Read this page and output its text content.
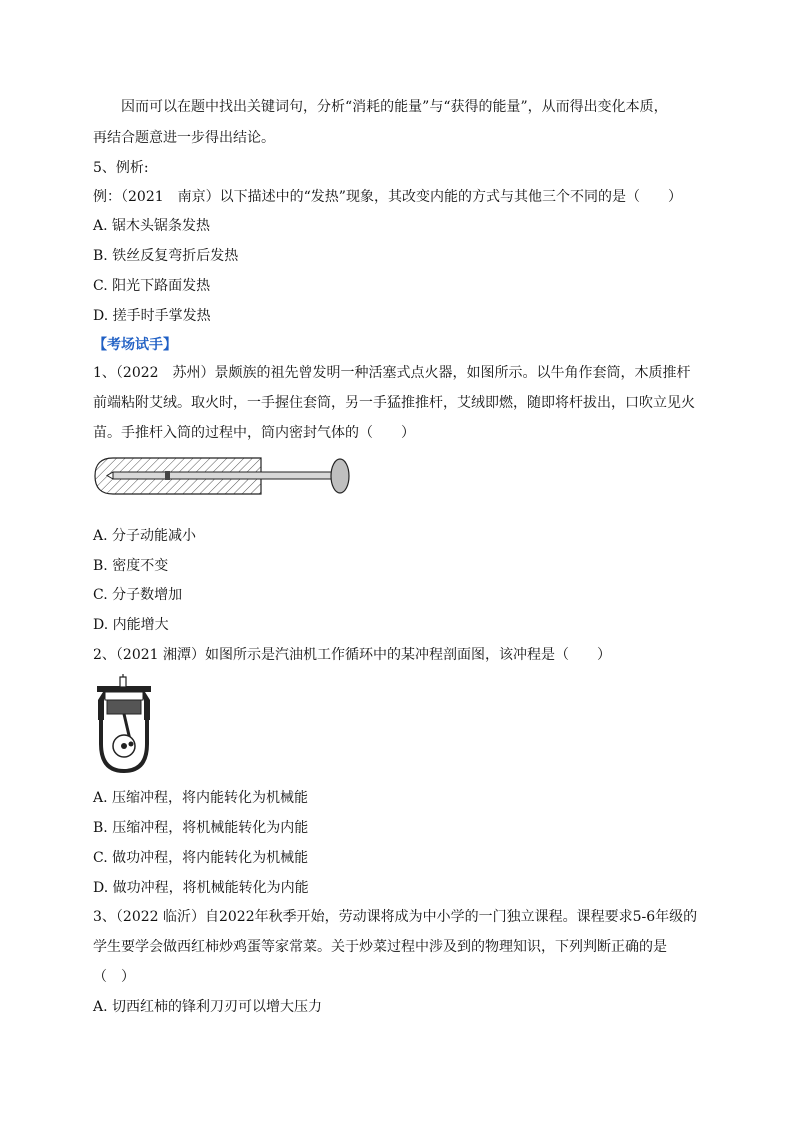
因而可以在题中找出关键词句，分析“消耗的能量”与“获得的能量”，从而得出变化本质，
再结合题意进一步得出结论。
5、例析:
例：（2021　南京）以下描述中的“发热”现象，其改变内能的方式与其他三个不同的是（　　）
A. 锯木头锯条发热
B. 铁丝反复弯折后发热
C. 阳光下路面发热
D. 搓手时手掌发热
【考场试手】
1、（2022　苏州）景颇族的祖先曾发明一种活塞式点火器，如图所示。以牛角作套筒，木质推杆
前端粘附艾绒。取火时，一手握住套筒，另一手猛推推杆，艾绒即燃，随即将杆拔出，口吹立见火
苗。手推杆入筒的过程中，筒内密封气体的（　　）
A. 分子动能减小
B. 密度不变
C. 分子数增加
D. 内能增大
2、（2021 湘潭）如图所示是汽油机工作循环中的某冲程剖面图，该冲程是（　　）
A. 压缩冲程，将内能转化为机械能
B. 压缩冲程，将机械能转化为内能
C. 做功冲程，将内能转化为机械能
D. 做功冲程，将机械能转化为内能
3、（2022 临沂）自2022年秋季开始，劳动课将成为中小学的一门独立课程。课程要求5-6年级的
学生要学会做西红柿炒鸡蛋等家常菜。关于炒菜过程中涉及到的物理知识，下列判断正确的是
（　）
A. 切西红柿的锋利刀刃可以增大压力
